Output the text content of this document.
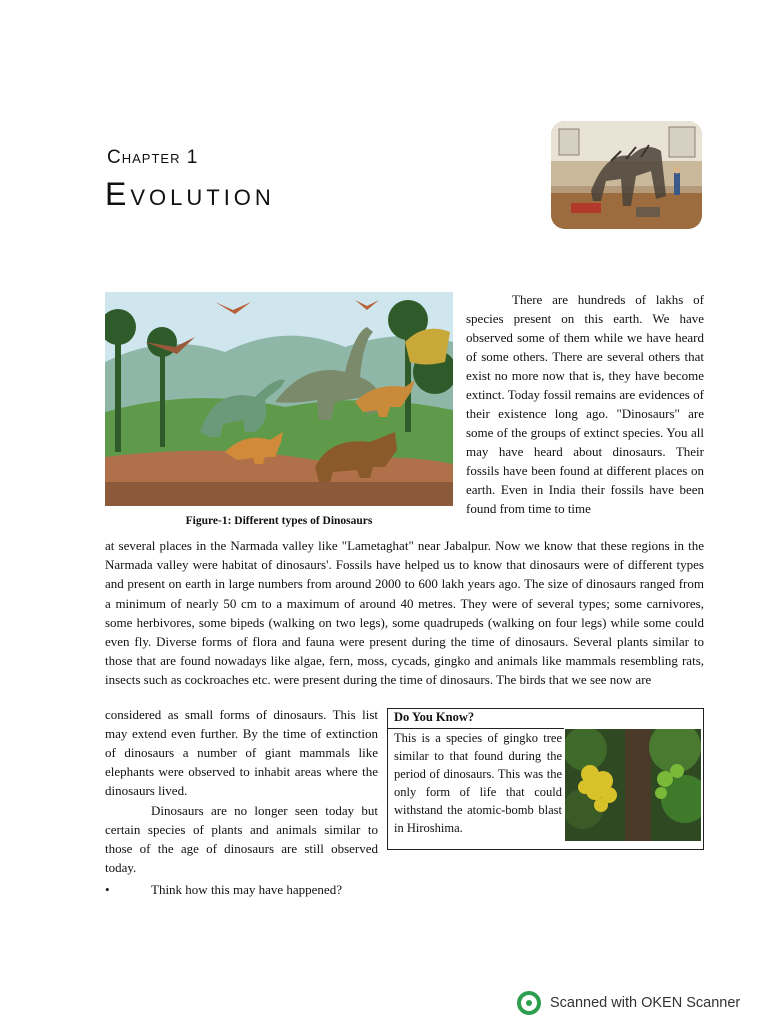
Chapter 1
Evolution
Figure-1: Different types of Dinosaurs
There are hundreds of lakhs of species present on this earth. We have observed some of them while we have heard of some others. There are several others that exist no more now that is, they have become extinct. Today fossil remains are evidences of their existence long ago. "Dinosaurs" are some of the groups of extinct species. You all may have heard about dinosaurs. Their fossils have been found at different places on earth. Even in India their fossils have been found from time to time
at several places in the Narmada valley like "Lametaghat" near Jabalpur. Now we know that these regions in the Narmada valley were habitat of dinosaurs'. Fossils have helped us to know that dinosaurs were of different types and present on earth in large numbers from around 2000 to 600 lakh years ago. The size of dinosaurs ranged from a minimum of nearly 50 cm to a maximum of around 40 metres. They were of several types; some carnivores, some herbivores, some bipeds (walking on two legs), some quadrupeds (walking on four legs) while some could even fly. Diverse forms of flora and fauna were present during the time of dinosaurs. Several plants similar to those that are found nowadays like algae, fern, moss, cycads, gingko and animals like mammals resembling rats, insects such as cockroaches etc. were present during the time of dinosaurs. The birds that we see now are
considered as small forms of dinosaurs. This list may extend even further. By the time of extinction of dinosaurs a number of giant mammals like elephants were observed to inhabit areas where the dinosaurs lived.
Dinosaurs are no longer seen today but certain species of plants and animals similar to those of the age of dinosaurs are still observed today.
•	Think how this may have happened?
Do You Know?
This is a species of gingko tree similar to that found during the period of dinosaurs. This was the only form of life that could withstand the atomic-bomb blast in Hiroshima.
Scanned with OKEN Scanner
